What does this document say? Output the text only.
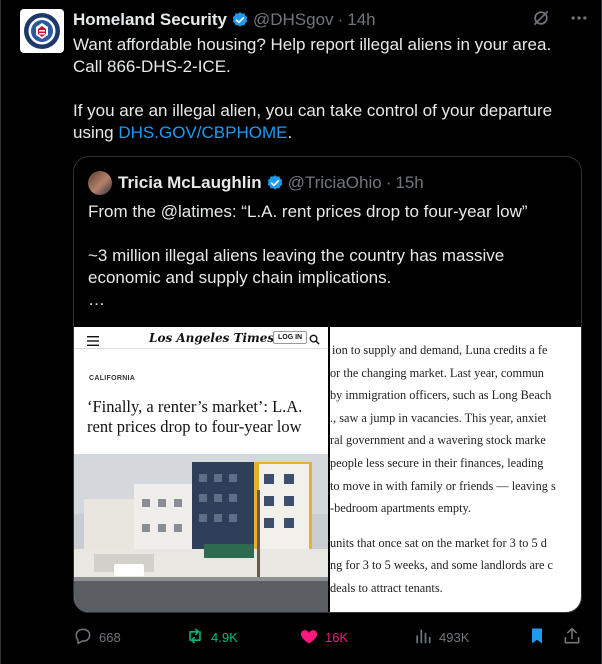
Homeland Security @DHSgov · 14h

Want affordable housing? Help report illegal aliens in your area.

Call 866-DHS-2-ICE.

If you are an illegal alien, you can take control of your departure

using DHS.GOV/CBPHOME.

Tricia McLaughlin @TriciaOhio · 15h

From the @latimes: “L.A. rent prices drop to four-year low”

~3 million illegal aliens leaving the country has massive

economic and supply chain implications.

…

Los Angeles Times LOG IN
CALIFORNIA
‘Finally, a renter’s market’: L.A.
rent prices drop to four-year low
ion to supply and demand, Luna credits a fe
or the changing market. Last year, commun
by immigration officers, such as Long Beach
., saw a jump in vacancies. This year, anxiet
ral government and a wavering stock marke
people less secure in their finances, leading
to move in with family or friends — leaving s
-bedroom apartments empty.
units that once sat on the market for 3 to 5 d
ng for 3 to 5 weeks, and some landlords are c
deals to attract tenants.
668	4.9K	16K	493K
